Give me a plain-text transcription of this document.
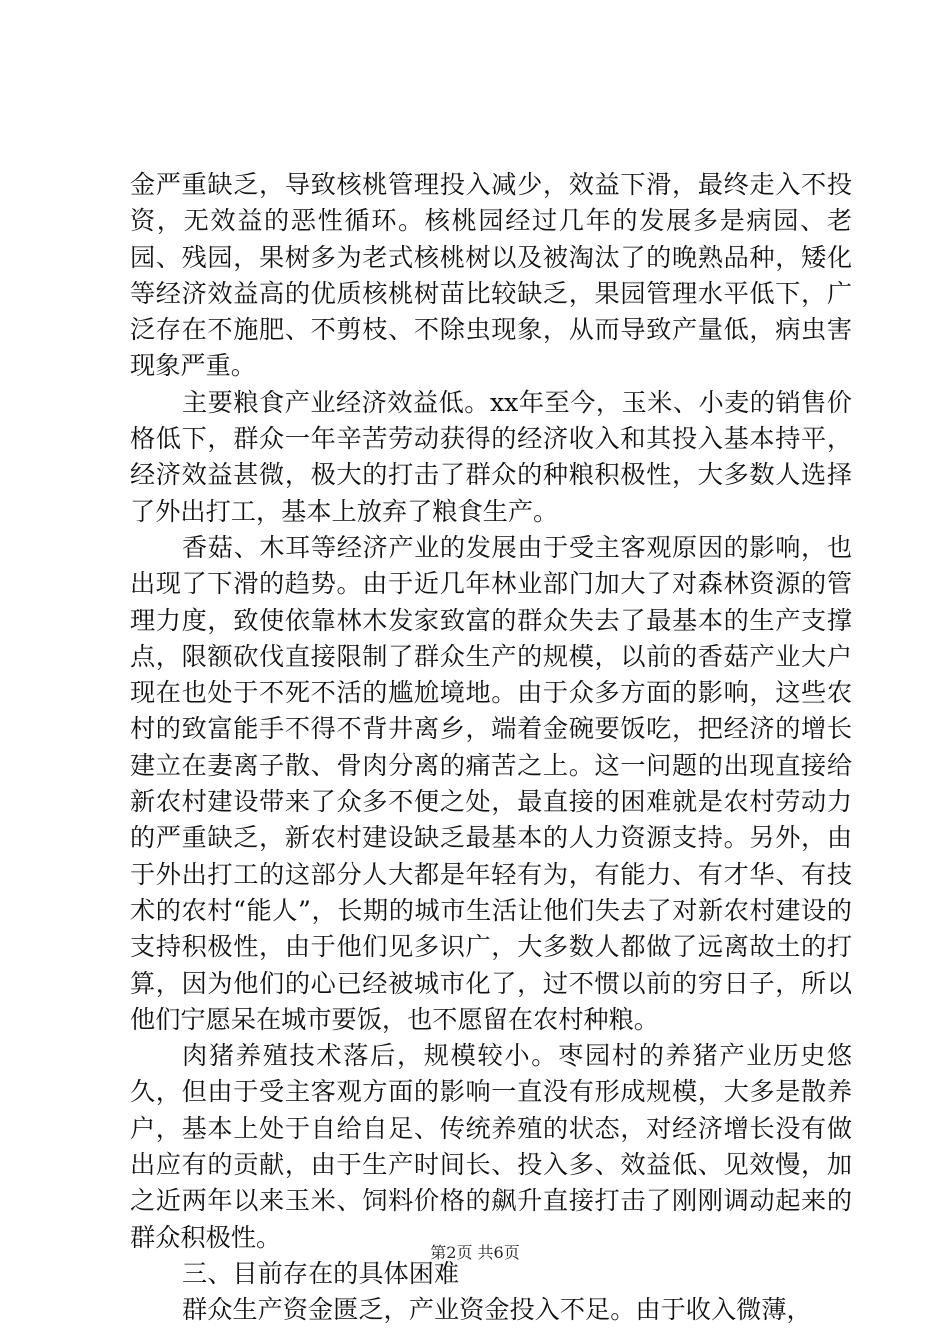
金严重缺乏，导致核桃管理投入减少，效益下滑，最终走入不投资，无效益的恶性循环。核桃园经过几年的发展多是病园、老园、残园，果树多为老式核桃树以及被淘汰了的晚熟品种，矮化等经济效益高的优质核桃树苗比较缺乏，果园管理水平低下，广泛存在不施肥、不剪枝、不除虫现象，从而导致产量低，病虫害现象严重。

主要粮食产业经济效益低。xx年至今，玉米、小麦的销售价格低下，群众一年辛苦劳动获得的经济收入和其投入基本持平，经济效益甚微，极大的打击了群众的种粮积极性，大多数人选择了外出打工，基本上放弃了粮食生产。

香菇、木耳等经济产业的发展由于受主客观原因的影响，也出现了下滑的趋势。由于近几年林业部门加大了对森林资源的管理力度，致使依靠林木发家致富的群众失去了最基本的生产支撑点，限额砍伐直接限制了群众生产的规模，以前的香菇产业大户现在也处于不死不活的尴尬境地。由于众多方面的影响，这些农村的致富能手不得不背井离乡，端着金碗要饭吃，把经济的增长建立在妻离子散、骨肉分离的痛苦之上。这一问题的出现直接给新农村建设带来了众多不便之处，最直接的困难就是农村劳动力的严重缺乏，新农村建设缺乏最基本的人力资源支持。另外，由于外出打工的这部分人大都是年轻有为，有能力、有才华、有技术的农村“能人”，长期的城市生活让他们失去了对新农村建设的支持积极性，由于他们见多识广，大多数人都做了远离故土的打算，因为他们的心已经被城市化了，过不惯以前的穷日子，所以他们宁愿呆在城市要饭，也不愿留在农村种粮。

肉猪养殖技术落后，规模较小。枣园村的养猪产业历史悠久，但由于受主客观方面的影响一直没有形成规模，大多是散养户，基本上处于自给自足、传统养殖的状态，对经济增长没有做出应有的贡献，由于生产时间长、投入多、效益低、见效慢，加之近两年以来玉米、饲料价格的飙升直接打击了刚刚调动起来的群众积极性。

三、目前存在的具体困难

群众生产资金匮乏，产业资金投入不足。由于收入微薄，

第2页 共6页
